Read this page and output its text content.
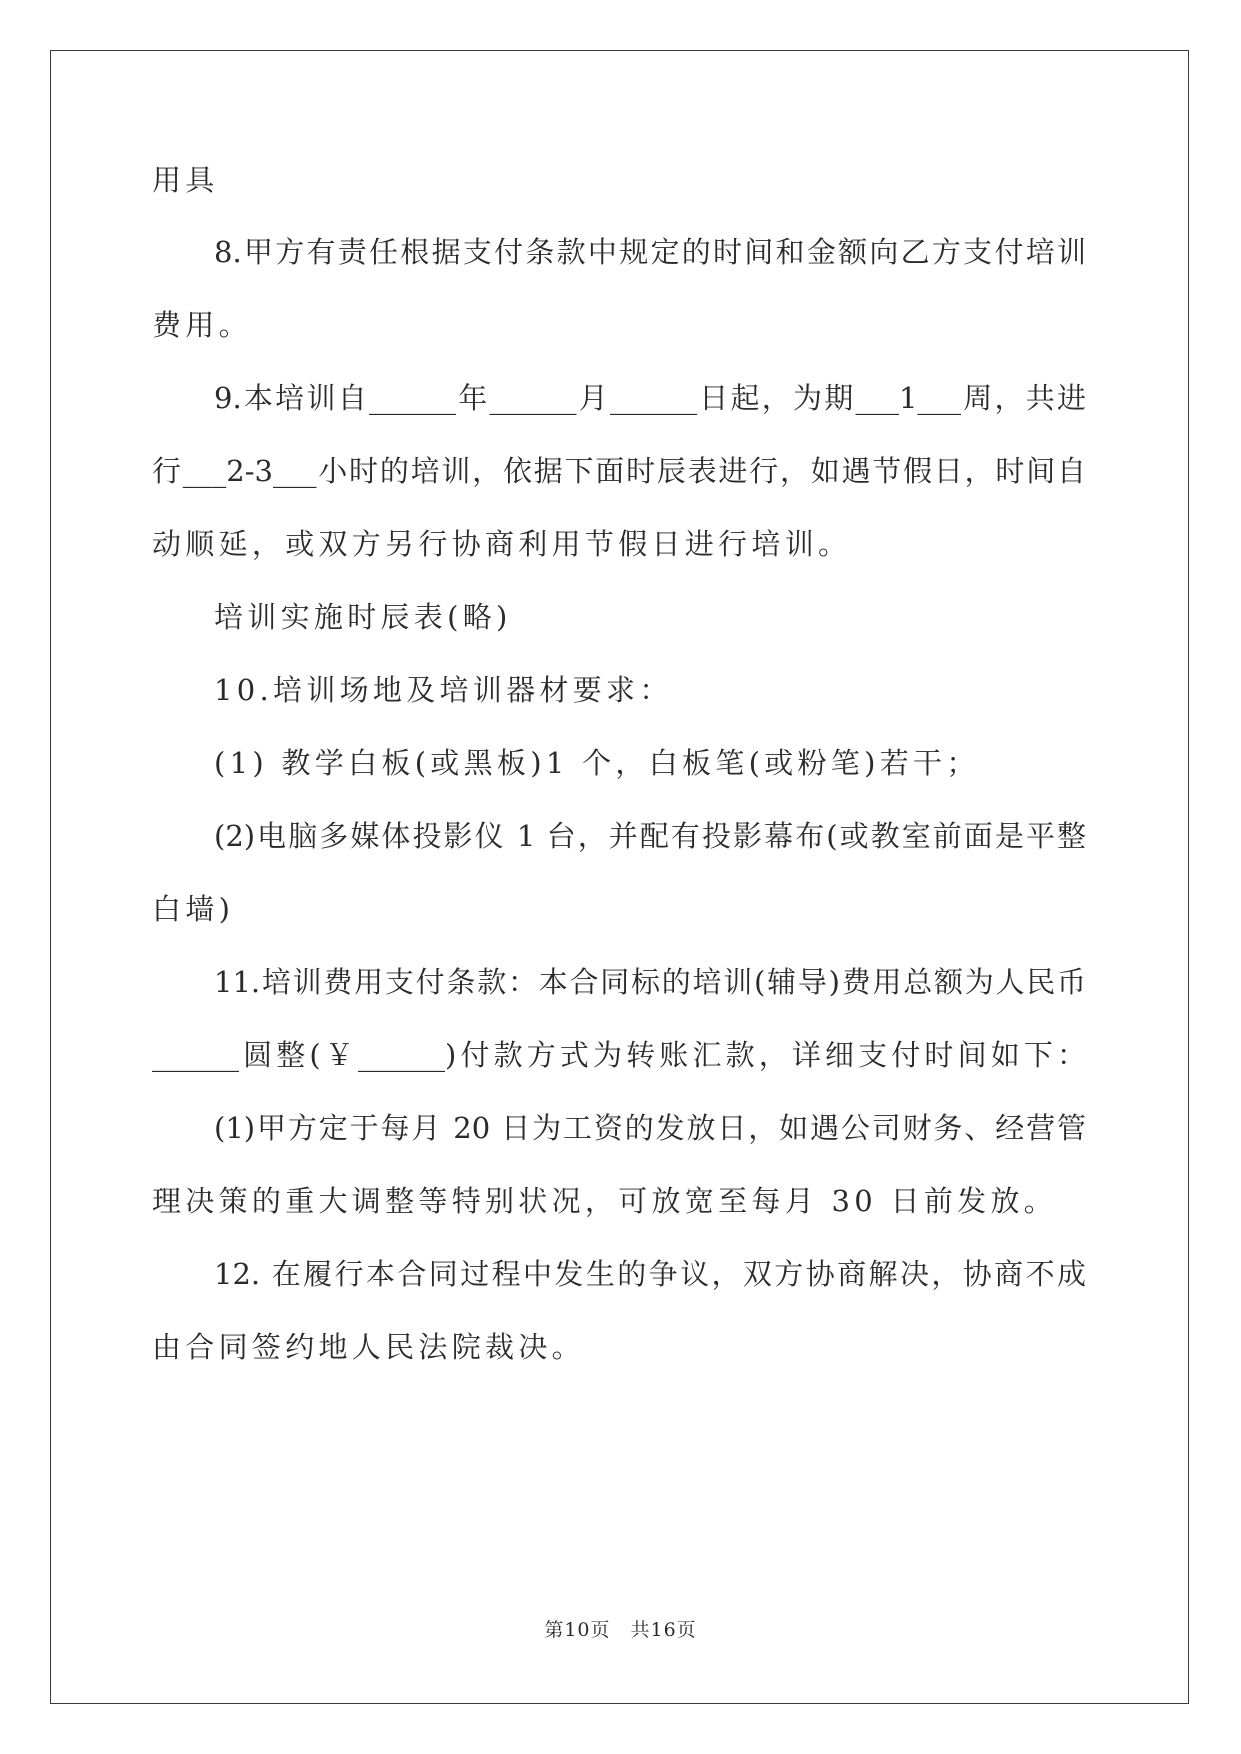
用具
8.甲方有责任根据支付条款中规定的时间和金额向乙方支付培训
费用。
9.本培训自______年______月______日起，为期___1___周，共进
行___2-3___小时的培训，依据下面时辰表进行，如遇节假日，时间自
动顺延，或双方另行协商利用节假日进行培训。
培训实施时辰表(略)
10.培训场地及培训器材要求：
(1) 教学白板(或黑板)1 个，白板笔(或粉笔)若干；
(2)电脑多媒体投影仪 1 台，并配有投影幕布(或教室前面是平整
白墙)
11.培训费用支付条款：本合同标的培训(辅导)费用总额为人民币
______圆整(￥______)付款方式为转账汇款，详细支付时间如下：
(1)甲方定于每月 20 日为工资的发放日，如遇公司财务、经营管
理决策的重大调整等特别状况，可放宽至每月 30 日前发放。
12. 在履行本合同过程中发生的争议，双方协商解决，协商不成
由合同签约地人民法院裁决。
第10页　共16页
